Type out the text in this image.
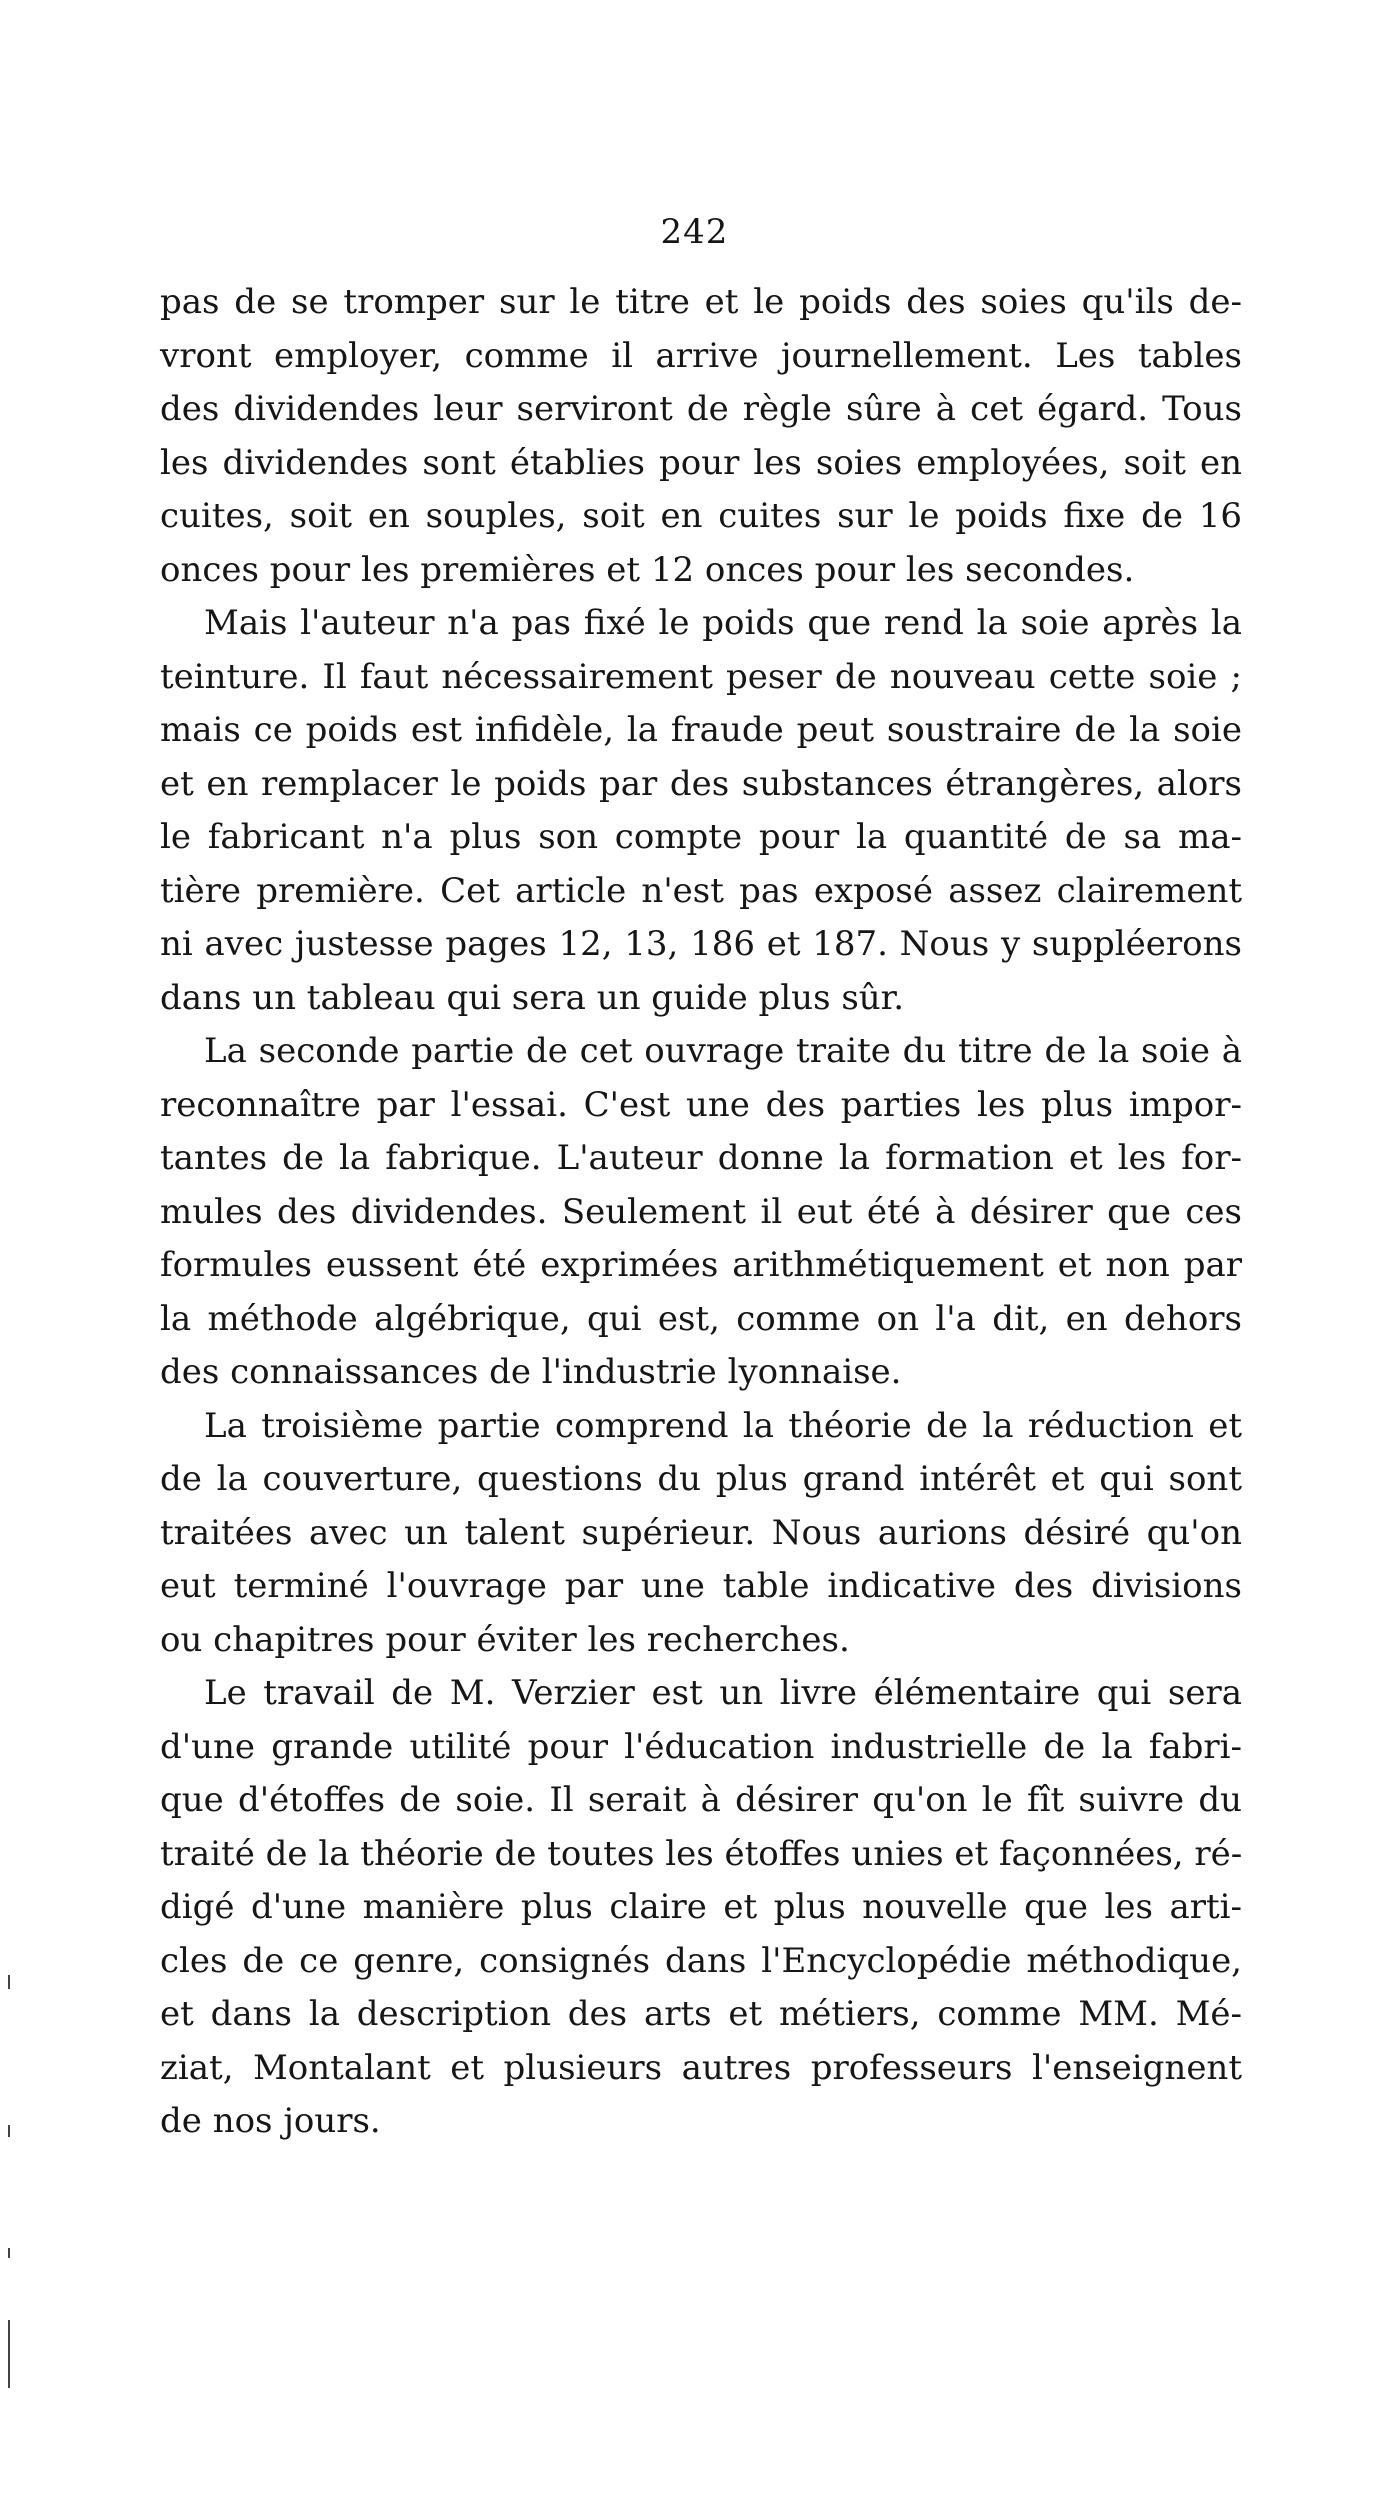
242

pas de se tromper sur le titre et le poids des soies qu'ils de-
vront employer, comme il arrive journellement. Les tables
des dividendes leur serviront de règle sûre à cet égard. Tous
les dividendes sont établies pour les soies employées, soit en
cuites, soit en souples, soit en cuites sur le poids fixe de 16
onces pour les premières et 12 onces pour les secondes.

Mais l'auteur n'a pas fixé le poids que rend la soie après la
teinture. Il faut nécessairement peser de nouveau cette soie ;
mais ce poids est infidèle, la fraude peut soustraire de la soie
et en remplacer le poids par des substances étrangères, alors
le fabricant n'a plus son compte pour la quantité de sa ma-
tière première. Cet article n'est pas exposé assez clairement
ni avec justesse pages 12, 13, 186 et 187. Nous y suppléerons
dans un tableau qui sera un guide plus sûr.

La seconde partie de cet ouvrage traite du titre de la soie à
reconnaître par l'essai. C'est une des parties les plus impor-
tantes de la fabrique. L'auteur donne la formation et les for-
mules des dividendes. Seulement il eut été à désirer que ces
formules eussent été exprimées arithmétiquement et non par
la méthode algébrique, qui est, comme on l'a dit, en dehors
des connaissances de l'industrie lyonnaise.

La troisième partie comprend la théorie de la réduction et
de la couverture, questions du plus grand intérêt et qui sont
traitées avec un talent supérieur. Nous aurions désiré qu'on
eut terminé l'ouvrage par une table indicative des divisions
ou chapitres pour éviter les recherches.

Le travail de M. Verzier est un livre élémentaire qui sera
d'une grande utilité pour l'éducation industrielle de la fabri-
que d'étoffes de soie. Il serait à désirer qu'on le fît suivre du
traité de la théorie de toutes les étoffes unies et façonnées, ré-
digé d'une manière plus claire et plus nouvelle que les arti-
cles de ce genre, consignés dans l'Encyclopédie méthodique,
et dans la description des arts et métiers, comme MM. Mé-
ziat, Montalant et plusieurs autres professeurs l'enseignent
de nos jours.
